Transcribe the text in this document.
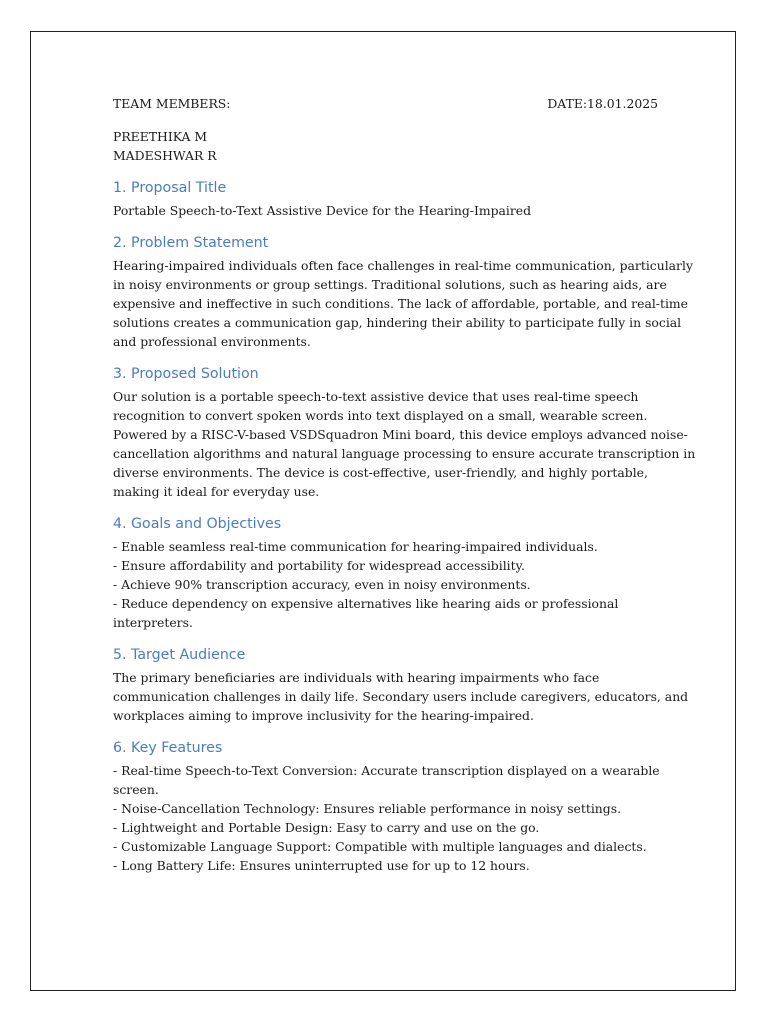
TEAM MEMBERS:	DATE:18.01.2025
PREETHIKA M
MADESHWAR R
1. Proposal Title
Portable Speech-to-Text Assistive Device for the Hearing-Impaired
2. Problem Statement
Hearing-impaired individuals often face challenges in real-time communication, particularly
in noisy environments or group settings. Traditional solutions, such as hearing aids, are
expensive and ineffective in such conditions. The lack of affordable, portable, and real-time
solutions creates a communication gap, hindering their ability to participate fully in social
and professional environments.
3. Proposed Solution
Our solution is a portable speech-to-text assistive device that uses real-time speech
recognition to convert spoken words into text displayed on a small, wearable screen.
Powered by a RISC-V-based VSDSquadron Mini board, this device employs advanced noise-
cancellation algorithms and natural language processing to ensure accurate transcription in
diverse environments. The device is cost-effective, user-friendly, and highly portable,
making it ideal for everyday use.
4. Goals and Objectives
- Enable seamless real-time communication for hearing-impaired individuals.
- Ensure affordability and portability for widespread accessibility.
- Achieve 90% transcription accuracy, even in noisy environments.
- Reduce dependency on expensive alternatives like hearing aids or professional
interpreters.
5. Target Audience
The primary beneficiaries are individuals with hearing impairments who face
communication challenges in daily life. Secondary users include caregivers, educators, and
workplaces aiming to improve inclusivity for the hearing-impaired.
6. Key Features
- Real-time Speech-to-Text Conversion: Accurate transcription displayed on a wearable
screen.
- Noise-Cancellation Technology: Ensures reliable performance in noisy settings.
- Lightweight and Portable Design: Easy to carry and use on the go.
- Customizable Language Support: Compatible with multiple languages and dialects.
- Long Battery Life: Ensures uninterrupted use for up to 12 hours.
